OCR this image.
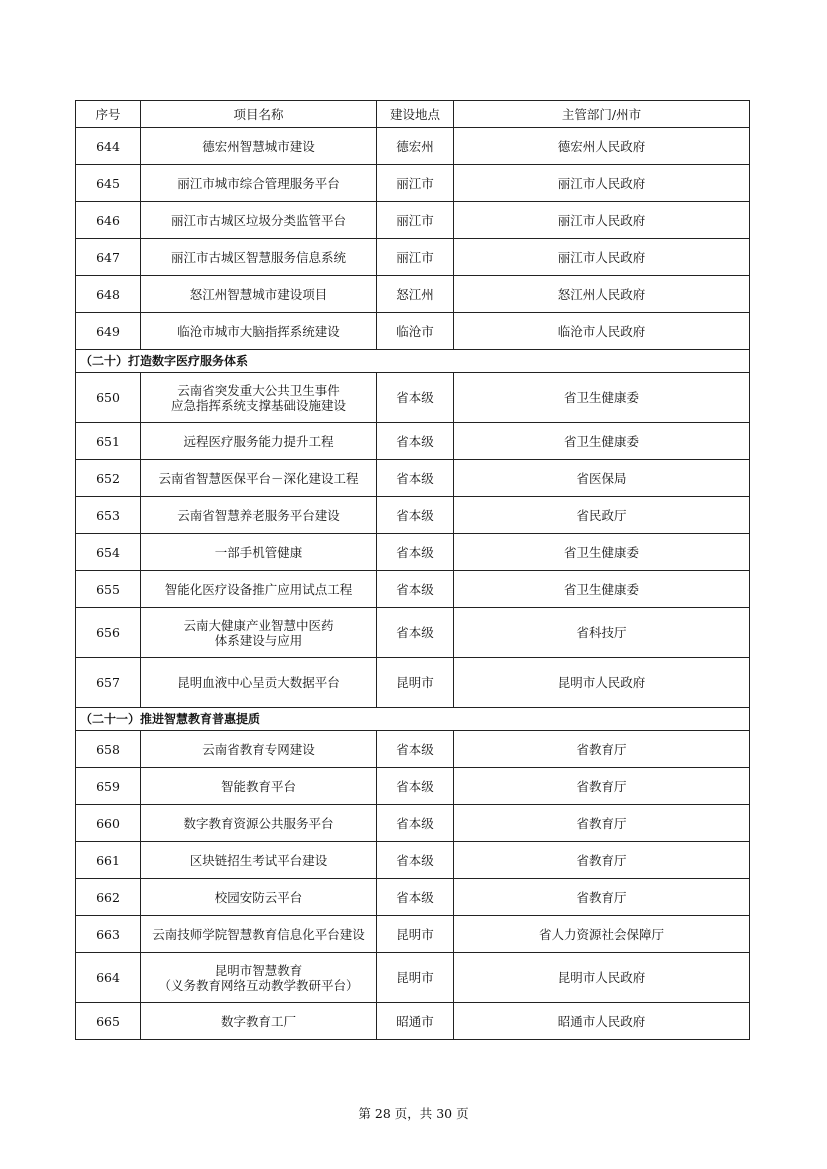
序号	项目名称	建设地点	主管部门/州市
644	德宏州智慧城市建设	德宏州	德宏州人民政府
645	丽江市城市综合管理服务平台	丽江市	丽江市人民政府
646	丽江市古城区垃圾分类监管平台	丽江市	丽江市人民政府
647	丽江市古城区智慧服务信息系统	丽江市	丽江市人民政府
648	怒江州智慧城市建设项目	怒江州	怒江州人民政府
649	临沧市城市大脑指挥系统建设	临沧市	临沧市人民政府
（二十）打造数字医疗服务体系			
650	云南省突发重大公共卫生事件
应急指挥系统支撑基础设施建设	省本级	省卫生健康委
651	远程医疗服务能力提升工程	省本级	省卫生健康委
652	云南省智慧医保平台－深化建设工程	省本级	省医保局
653	云南省智慧养老服务平台建设	省本级	省民政厅
654	一部手机管健康	省本级	省卫生健康委
655	智能化医疗设备推广应用试点工程	省本级	省卫生健康委
656	云南大健康产业智慧中医药
体系建设与应用	省本级	省科技厅
657	昆明血液中心呈贡大数据平台	昆明市	昆明市人民政府
（二十一）推进智慧教育普惠提质			
658	云南省教育专网建设	省本级	省教育厅
659	智能教育平台	省本级	省教育厅
660	数字教育资源公共服务平台	省本级	省教育厅
661	区块链招生考试平台建设	省本级	省教育厅
662	校园安防云平台	省本级	省教育厅
663	云南技师学院智慧教育信息化平台建设	昆明市	省人力资源社会保障厅
664	昆明市智慧教育
（义务教育网络互动教学教研平台）	昆明市	昆明市人民政府
665	数字教育工厂	昭通市	昭通市人民政府
第 28 页，共 30 页
